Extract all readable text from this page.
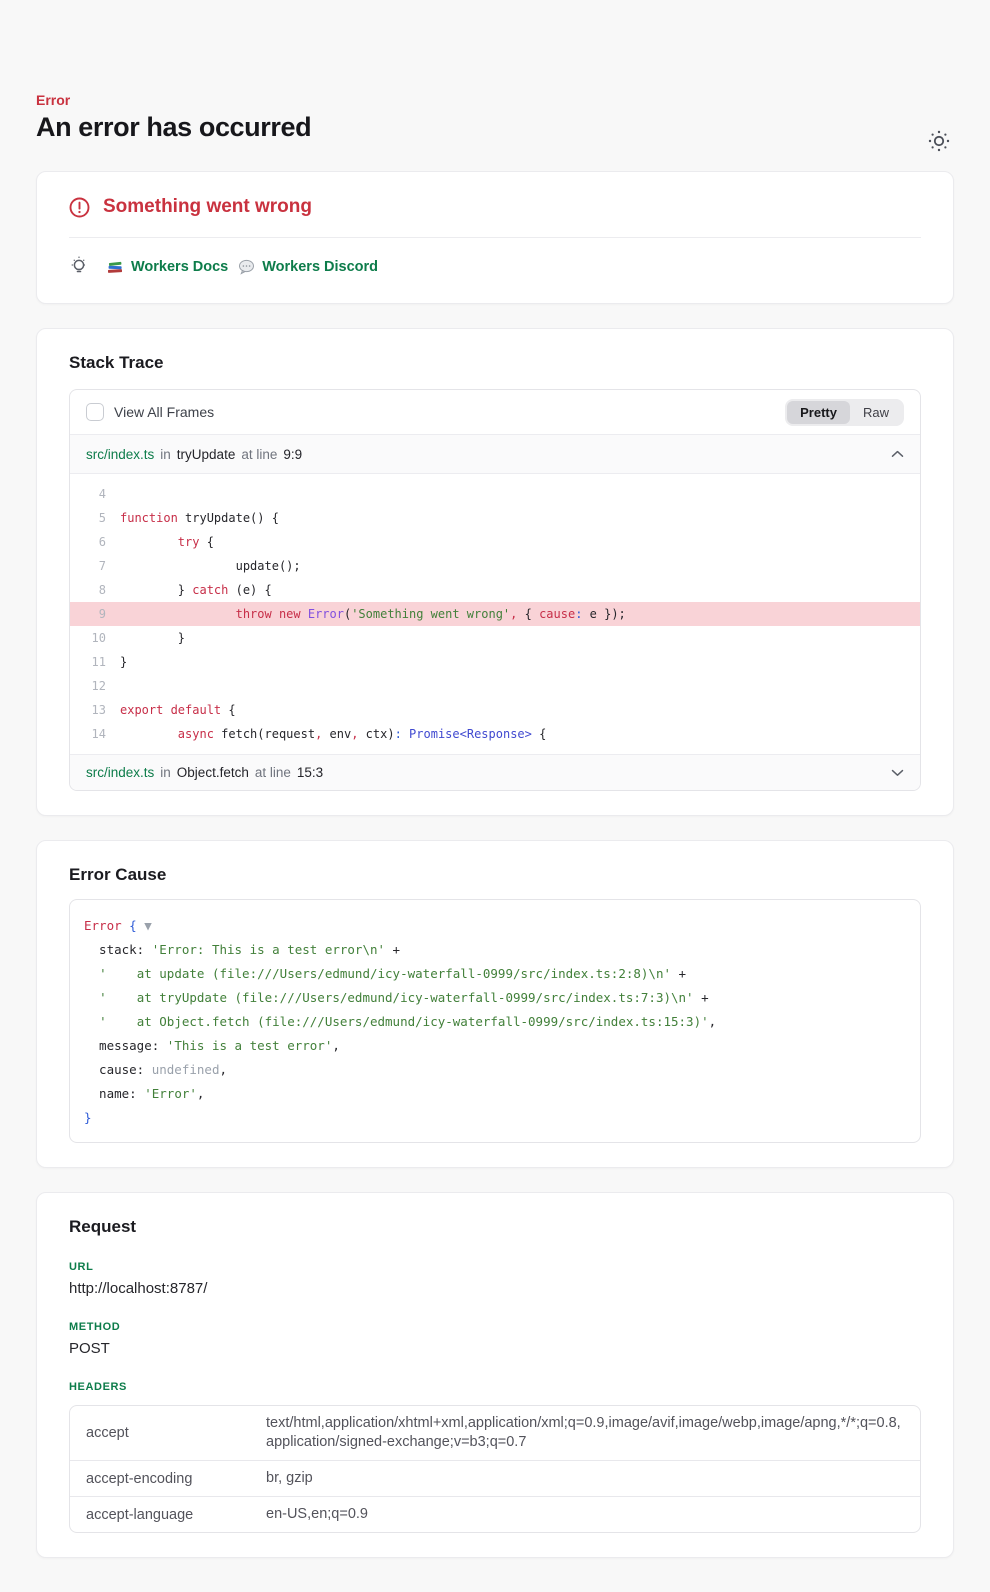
Error
An error has occurred
Something went wrong
Workers Docs Workers Discord
Stack Trace
View All Frames	Pretty	Raw
src/index.ts in tryUpdate at line 9:9
4
5 function tryUpdate() {
6	try {
7 update();
8 } catch (e) {
9	throw new Error('Something went wrong', { cause: e });
10 }
11 }
12
13 export default {
14	async fetch(request, env, ctx): Promise<Response> {
src/index.ts in Object.fetch at line 15:3
Error Cause
Error
{ ▼
stack: 'Error: This is a test error\n' +

'    at update (file:///Users/edmund/icy-waterfall-0999/src/index.ts:2:8)\n' +

'    at tryUpdate (file:///Users/edmund/icy-waterfall-0999/src/index.ts:7:3)\n' +

'    at Object.fetch (file:///Users/edmund/icy-waterfall-0999/src/index.ts:15:3)' ,
message: 'This is a test error' ,
cause: undefined ,
name: 'Error' ,
}
Request
URL
http://localhost:8787/
METHOD
POST
HEADERS
accept
text/html,application/xhtml+xml,application/xml;q=0.9,image/avif,image/webp,image/apng,*/*;q=0.8,application/signed-exchange;v=b3;q=0.7
accept-encoding	br, gzip
accept-language	en-US,en;q=0.9
